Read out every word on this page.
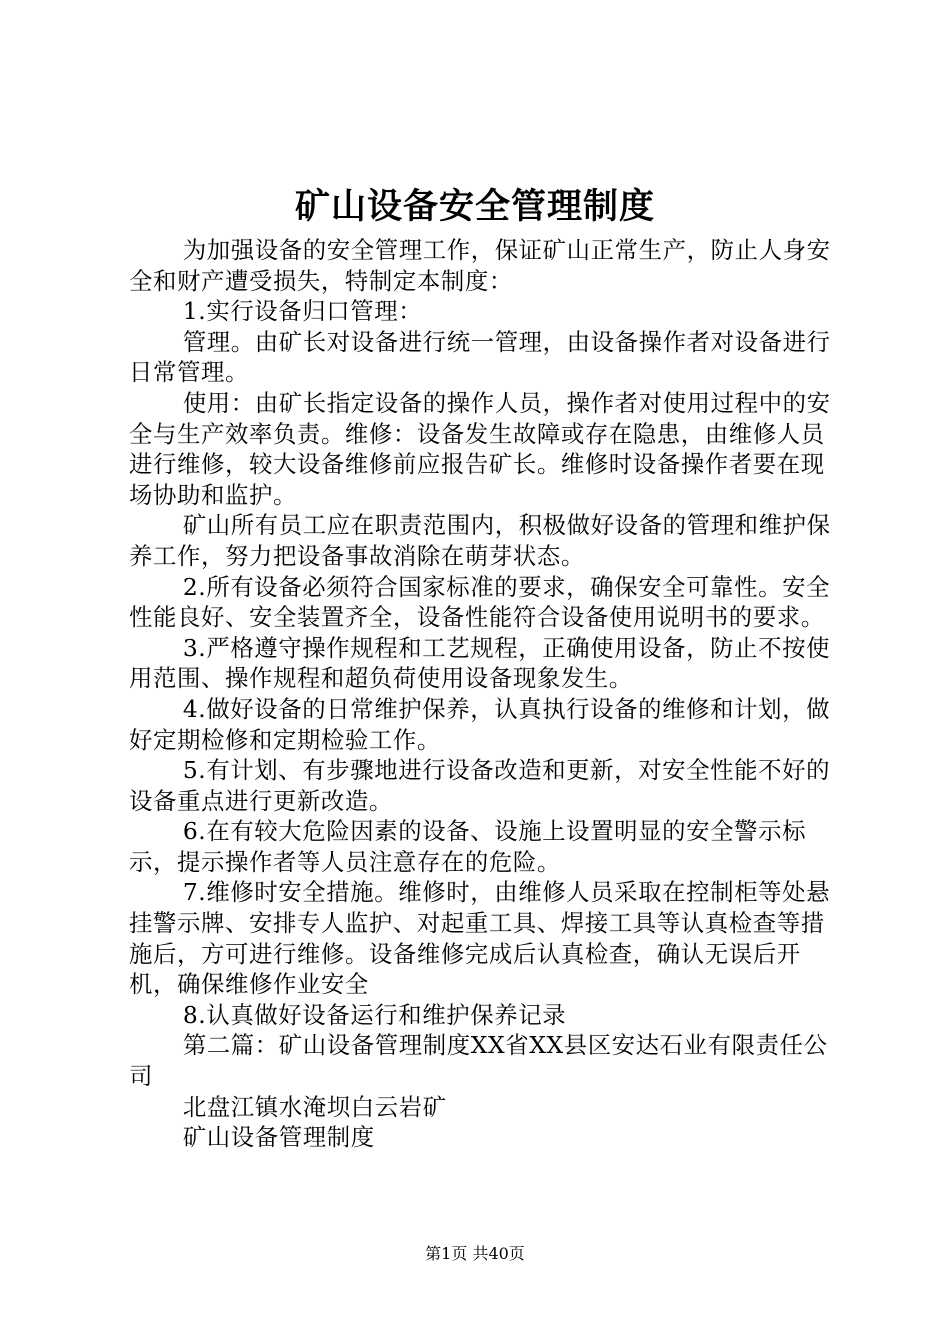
矿山设备安全管理制度

为加强设备的安全管理工作，保证矿山正常生产，防止人身安全和财产遭受损失，特制定本制度：

1.实行设备归口管理：

管理。由矿长对设备进行统一管理，由设备操作者对设备进行日常管理。

使用：由矿长指定设备的操作人员，操作者对使用过程中的安全与生产效率负责。维修：设备发生故障或存在隐患，由维修人员进行维修，较大设备维修前应报告矿长。维修时设备操作者要在现场协助和监护。

矿山所有员工应在职责范围内，积极做好设备的管理和维护保养工作，努力把设备事故消除在萌芽状态。

2.所有设备必须符合国家标准的要求，确保安全可靠性。安全性能良好、安全装置齐全，设备性能符合设备使用说明书的要求。

3.严格遵守操作规程和工艺规程，正确使用设备，防止不按使用范围、操作规程和超负荷使用设备现象发生。

4.做好设备的日常维护保养，认真执行设备的维修和计划，做好定期检修和定期检验工作。

5.有计划、有步骤地进行设备改造和更新，对安全性能不好的设备重点进行更新改造。

6.在有较大危险因素的设备、设施上设置明显的安全警示标示，提示操作者等人员注意存在的危险。

7.维修时安全措施。维修时，由维修人员采取在控制柜等处悬挂警示牌、安排专人监护、对起重工具、焊接工具等认真检查等措施后，方可进行维修。设备维修完成后认真检查，确认无误后开机，确保维修作业安全

8.认真做好设备运行和维护保养记录

第二篇：矿山设备管理制度XX省XX县区安达石业有限责任公司

北盘江镇水淹坝白云岩矿

矿山设备管理制度

第1页 共40页
